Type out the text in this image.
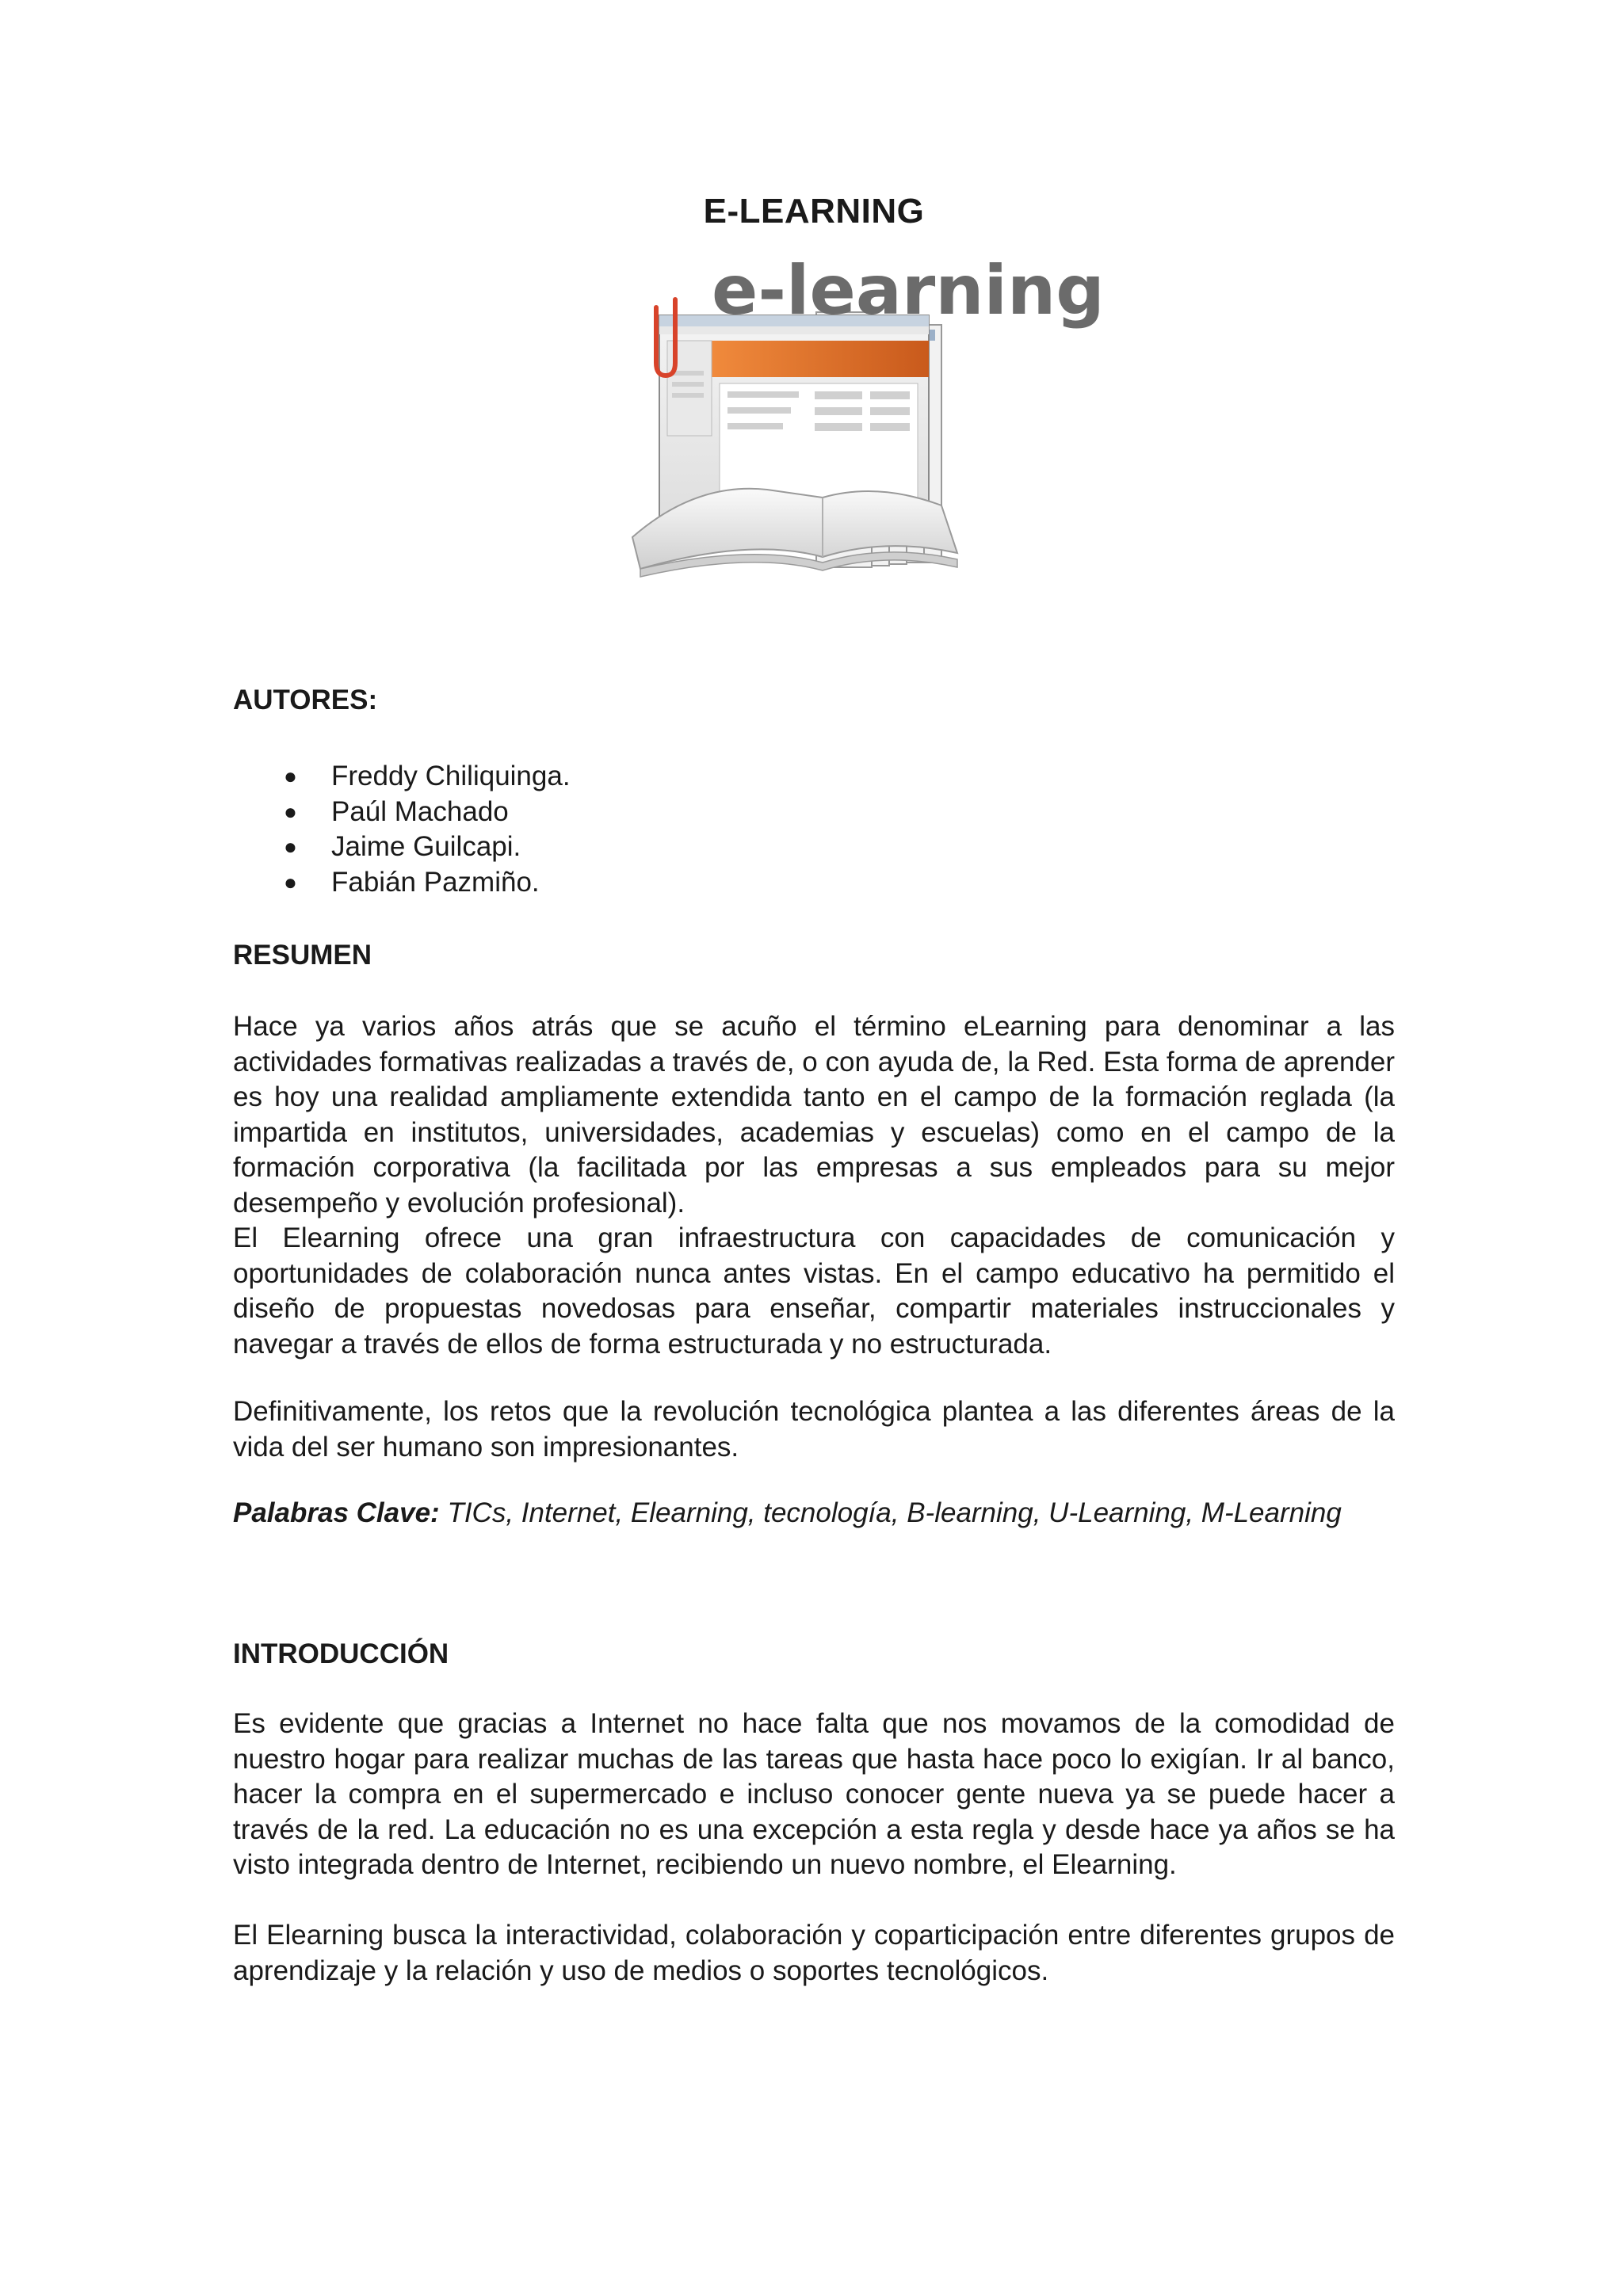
E-LEARNING
e-learning
AUTORES:
● Freddy Chiliquinga.
● Paúl Machado
● Jaime Guilcapi.
● Fabián Pazmiño.
RESUMEN

Hace ya varios años atrás que se acuño el término eLearning para denominar a las actividades formativas realizadas a través de, o con ayuda de, la Red. Esta forma de aprender es hoy una realidad ampliamente extendida tanto en el campo de la formación reglada (la impartida en institutos, universidades, academias y escuelas) como en el campo de la formación corporativa (la facilitada por las empresas a sus empleados para su mejor desempeño y evolución profesional).

El Elearning ofrece una gran infraestructura con capacidades de comunicación y oportunidades de colaboración nunca antes vistas. En el campo educativo ha permitido el diseño de propuestas novedosas para enseñar, compartir materiales instruccionales y navegar a través de ellos de forma estructurada y no estructurada.

Definitivamente, los retos que la revolución tecnológica plantea a las diferentes áreas de la vida del ser humano son impresionantes.

Palabras Clave: TICs, Internet, Elearning, tecnología, B-learning, U-Learning, M-Learning

INTRODUCCIÓN

Es evidente que gracias a Internet no hace falta que nos movamos de la comodidad de nuestro hogar para realizar muchas de las tareas que hasta hace poco lo exigían. Ir al banco, hacer la compra en el supermercado e incluso conocer gente nueva ya se puede hacer a través de la red. La educación no es una excepción a esta regla y desde hace ya años se ha visto integrada dentro de Internet, recibiendo un nuevo nombre, el Elearning.

El Elearning busca la interactividad, colaboración y coparticipación entre diferentes grupos de aprendizaje y la relación y uso de medios o soportes tecnológicos.
